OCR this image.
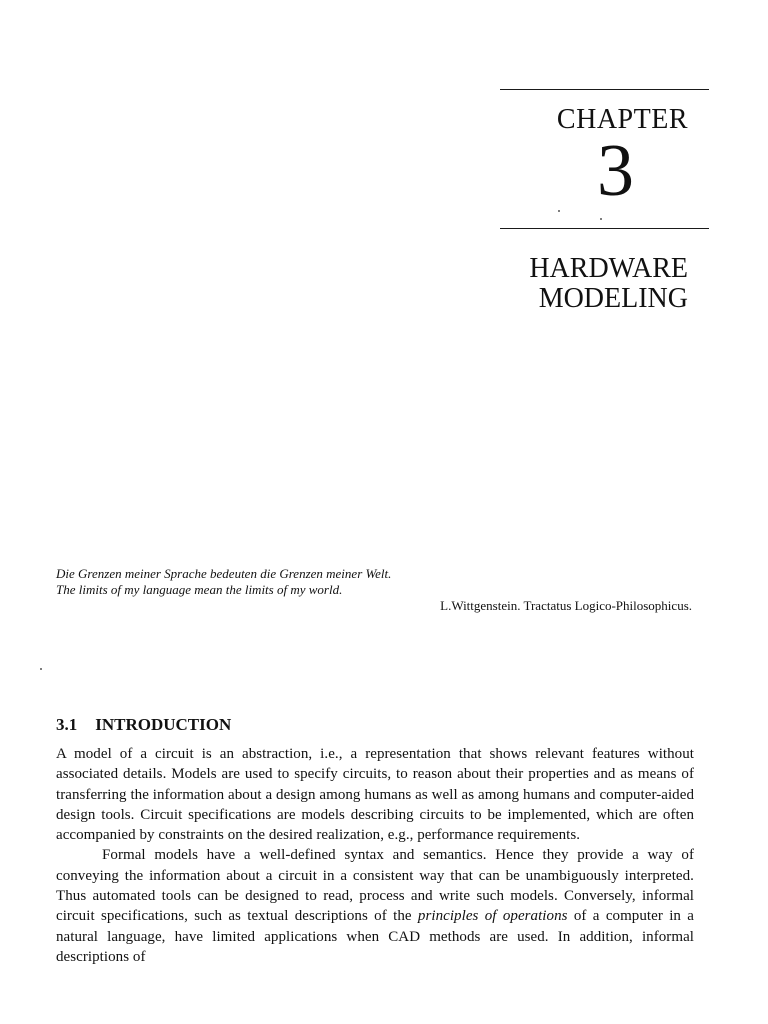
CHAPTER
3
HARDWARE
MODELING
Die Grenzen meiner Sprache bedeuten die Grenzen meiner Welt.
The limits of my language mean the limits of my world.
L.Wittgenstein. Tractatus Logico-Philosophicus.
3.1 INTRODUCTION

A model of a circuit is an abstraction, i.e., a representation that shows relevant features without associated details. Models are used to specify circuits, to reason about their properties and as means of transferring the information about a design among humans as well as among humans and computer-aided design tools. Circuit specifications are models describing circuits to be implemented, which are often accompanied by constraints on the desired realization, e.g., performance requirements.

Formal models have a well-defined syntax and semantics. Hence they provide a way of conveying the information about a circuit in a consistent way that can be unambiguously interpreted. Thus automated tools can be designed to read, process and write such models. Conversely, informal circuit specifications, such as textual descriptions of the principles of operations of a computer in a natural language, have limited applications when CAD methods are used. In addition, informal descriptions of
